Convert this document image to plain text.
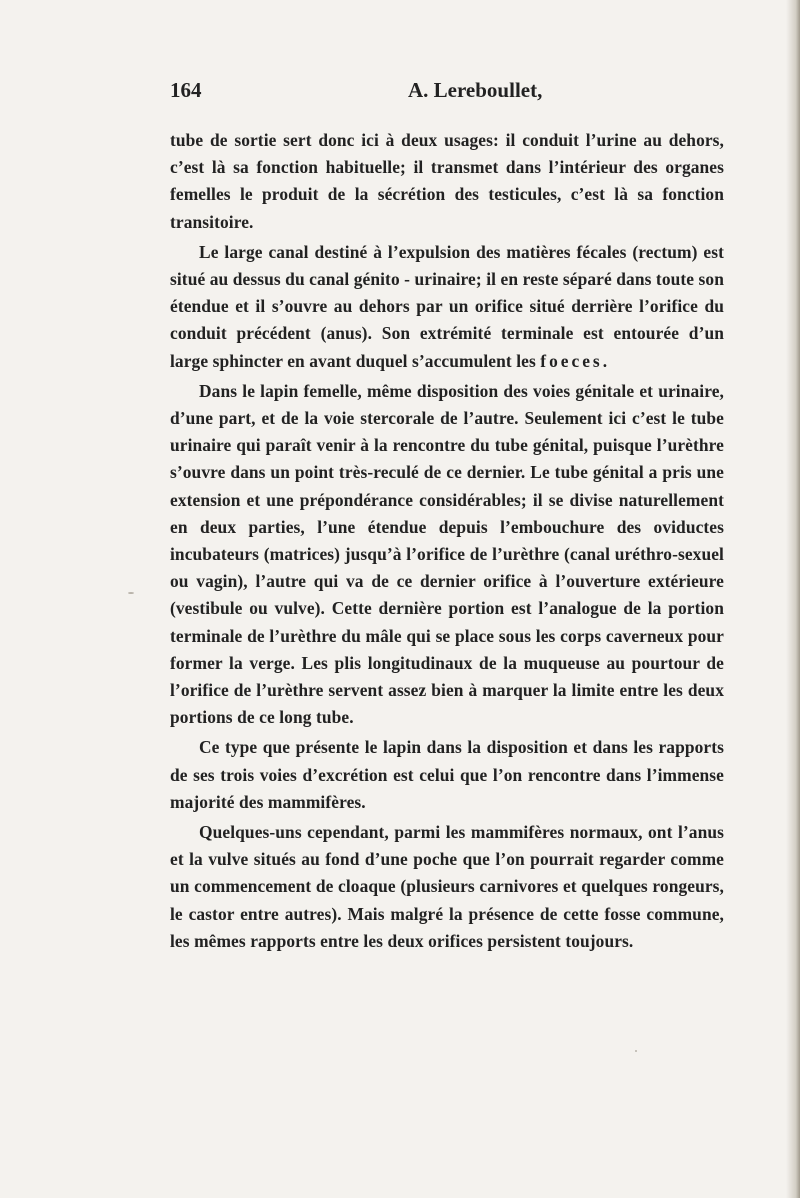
164	A. Lereboullet,

tube de sortie sert donc ici à deux usages: il conduit l’urine au dehors, c’est là sa fonction habituelle; il transmet dans l’intérieur des organes femelles le produit de la sécrétion des testicules, c’est là sa fonction transitoire.

Le large canal destiné à l’expulsion des matières fécales (rectum) est situé au dessus du canal génito - urinaire; il en reste séparé dans toute son étendue et il s’ouvre au dehors par un orifice situé derrière l’orifice du conduit précédent (anus). Son extrémité terminale est entourée d’un large sphincter en avant duquel s’accumulent les foeces.

Dans le lapin femelle, même disposition des voies génitale et urinaire, d’une part, et de la voie stercorale de l’autre. Seulement ici c’est le tube urinaire qui paraît venir à la rencontre du tube génital, puisque l’urèthre s’ouvre dans un point très-reculé de ce dernier. Le tube génital a pris une extension et une prépondérance considérables; il se divise naturellement en deux parties, l’une étendue depuis l’embouchure des oviductes incubateurs (matrices) jusqu’à l’orifice de l’urèthre (canal uréthro-sexuel ou vagin), l’autre qui va de ce dernier orifice à l’ouverture extérieure (vestibule ou vulve). Cette dernière portion est l’analogue de la portion terminale de l’urèthre du mâle qui se place sous les corps caverneux pour former la verge. Les plis longitudinaux de la muqueuse au pourtour de l’orifice de l’urèthre servent assez bien à marquer la limite entre les deux portions de ce long tube.

Ce type que présente le lapin dans la disposition et dans les rapports de ses trois voies d’excrétion est celui que l’on rencontre dans l’immense majorité des mammifères.

Quelques-uns cependant, parmi les mammifères normaux, ont l’anus et la vulve situés au fond d’une poche que l’on pourrait regarder comme un commencement de cloaque (plusieurs carnivores et quelques rongeurs, le castor entre autres). Mais malgré la présence de cette fosse commune, les mêmes rapports entre les deux orifices persistent toujours.
